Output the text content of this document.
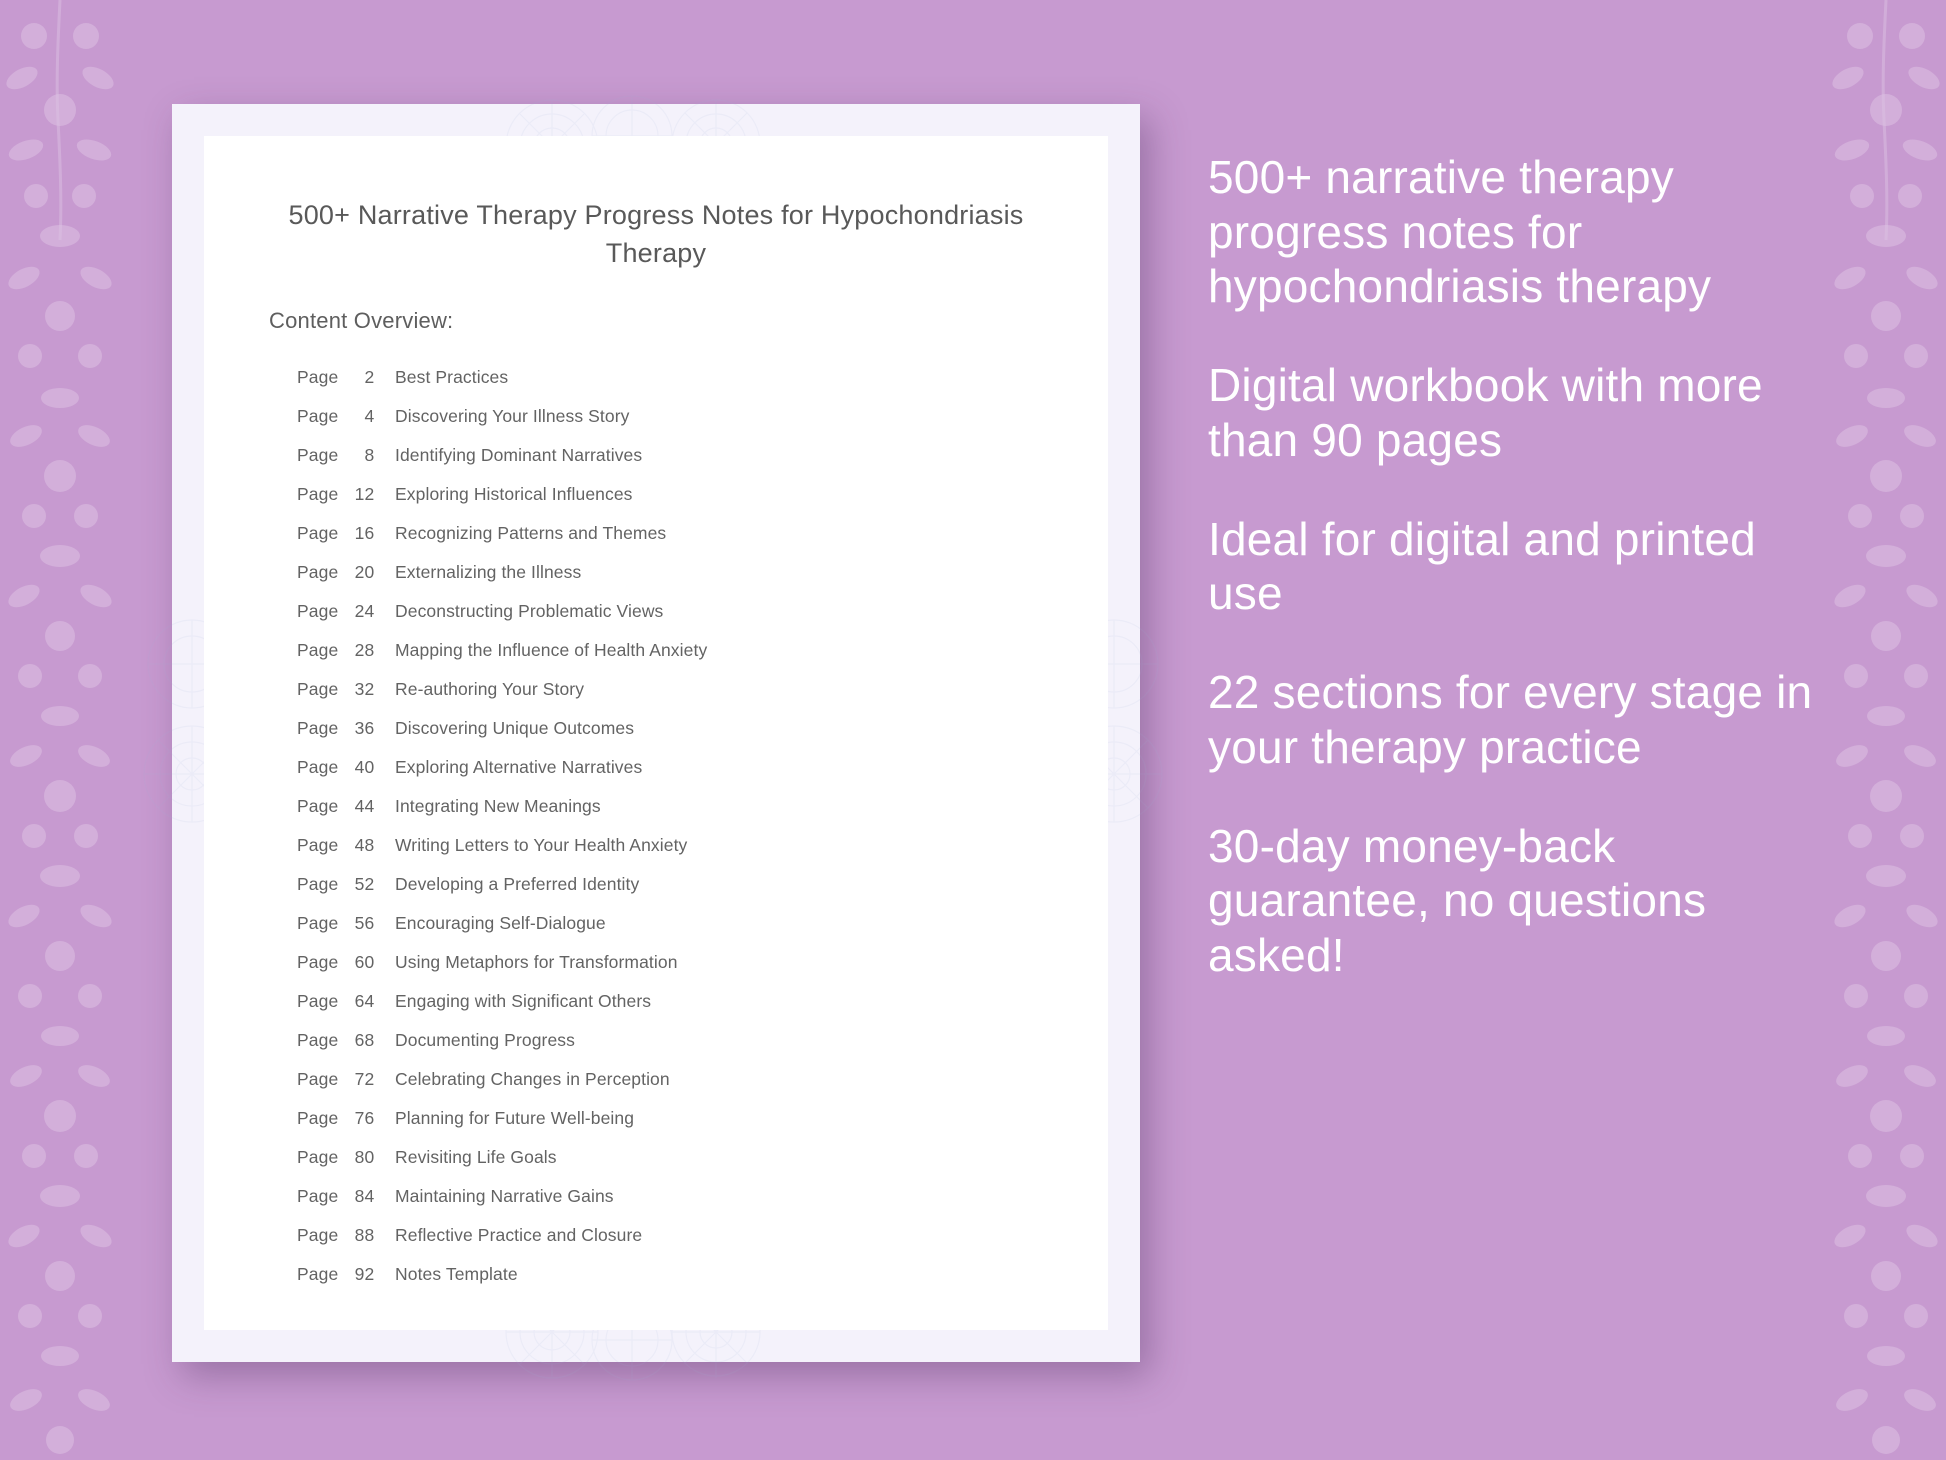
500+ Narrative Therapy Progress Notes for Hypochondriasis Therapy
Content Overview:
Page 2	Best Practices
Page 4	Discovering Your Illness Story
Page 8	Identifying Dominant Narratives
Page 12	Exploring Historical Influences
Page 16	Recognizing Patterns and Themes
Page 20	Externalizing the Illness
Page 24	Deconstructing Problematic Views
Page 28	Mapping the Influence of Health Anxiety
Page 32	Re-authoring Your Story
Page 36	Discovering Unique Outcomes
Page 40	Exploring Alternative Narratives
Page 44	Integrating New Meanings
Page 48	Writing Letters to Your Health Anxiety
Page 52	Developing a Preferred Identity
Page 56	Encouraging Self-Dialogue
Page 60	Using Metaphors for Transformation
Page 64	Engaging with Significant Others
Page 68	Documenting Progress
Page 72	Celebrating Changes in Perception
Page 76	Planning for Future Well-being
Page 80	Revisiting Life Goals
Page 84	Maintaining Narrative Gains
Page 88	Reflective Practice and Closure
Page 92	Notes Template
500+ narrative therapy progress notes for hypochondriasis therapy
Digital workbook with more than 90 pages
Ideal for digital and printed use
22 sections for every stage in your therapy practice
30-day money-back guarantee, no questions asked!
